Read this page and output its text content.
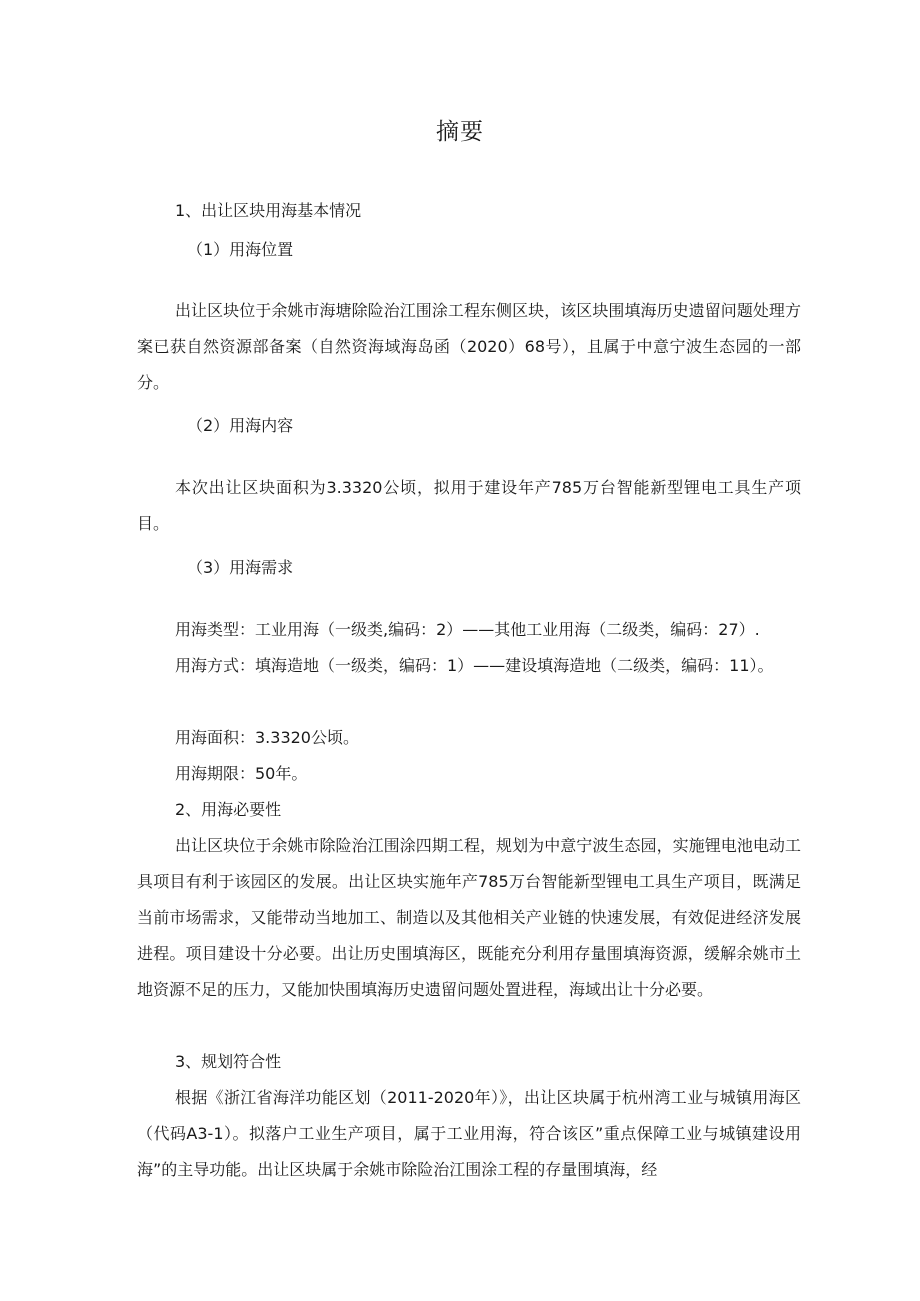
摘要
1、出让区块用海基本情况
（1）用海位置

出让区块位于余姚市海塘除险治江围涂工程东侧区块，该区块围填海历史遗留问题处理方案已获自然资源部备案（自然资海域海岛函（2020）68号），且属于中意宁波生态园的一部分。

（2）用海内容

本次出让区块面积为3.3320公顷，拟用于建设年产785万台智能新型锂电工具生产项目。

（3）用海需求

用海类型：工业用海（一级类,编码：2）——其他工业用海（二级类，编码：27）.

用海方式：填海造地（一级类，编码：1）——建设填海造地（二级类，编码：11）。

用海面积：3.3320公顷。
用海期限：50年。
2、用海必要性

出让区块位于余姚市除险治江围涂四期工程，规划为中意宁波生态园，实施锂电池电动工具项目有利于该园区的发展。出让区块实施年产785万台智能新型锂电工具生产项目，既满足当前市场需求，又能带动当地加工、制造以及其他相关产业链的快速发展，有效促进经济发展进程。项目建设十分必要。出让历史围填海区，既能充分利用存量围填海资源，缓解余姚市土地资源不足的压力，又能加快围填海历史遗留问题处置进程，海域出让十分必要。

3、规划符合性

根据《浙江省海洋功能区划（2011-2020年）》，出让区块属于杭州湾工业与城镇用海区（代码A3-1）。拟落户工业生产项目，属于工业用海，符合该区”重点保障工业与城镇建设用海”的主导功能。出让区块属于余姚市除险治江围涂工程的存量围填海，经
